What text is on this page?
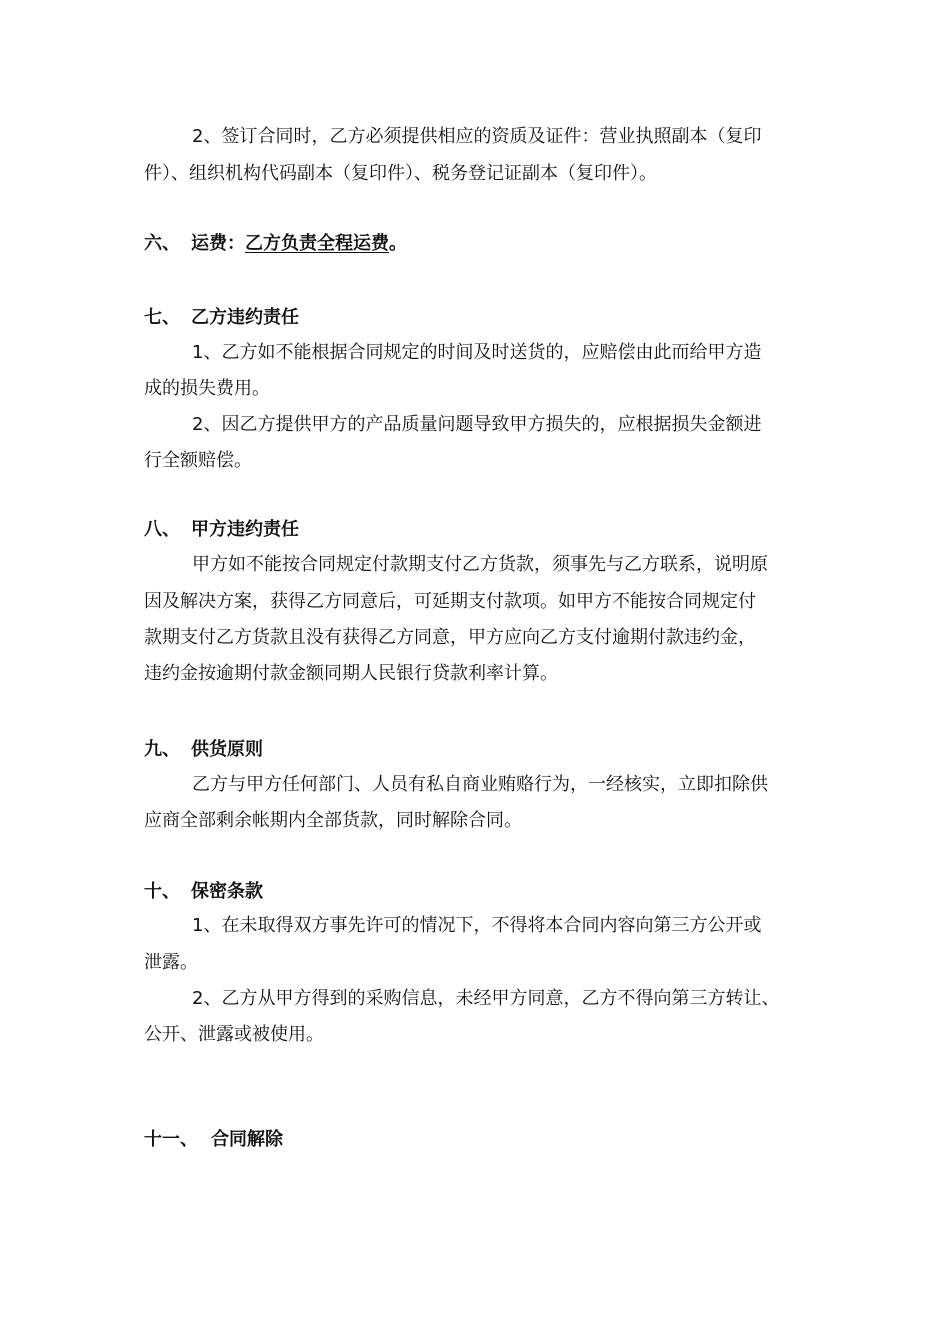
2、签订合同时，乙方必须提供相应的资质及证件：营业执照副本（复印
件）、组织机构代码副本（复印件）、税务登记证副本（复印件）。
六、 运费：乙方负责全程运费。
七、 乙方违约责任
1、乙方如不能根据合同规定的时间及时送货的，应赔偿由此而给甲方造
成的损失费用。
2、因乙方提供甲方的产品质量问题导致甲方损失的，应根据损失金额进
行全额赔偿。
八、 甲方违约责任
甲方如不能按合同规定付款期支付乙方货款，须事先与乙方联系，说明原
因及解决方案，获得乙方同意后，可延期支付款项。如甲方不能按合同规定付
款期支付乙方货款且没有获得乙方同意，甲方应向乙方支付逾期付款违约金，
违约金按逾期付款金额同期人民银行贷款利率计算。
九、 供货原则
乙方与甲方任何部门、人员有私自商业贿赂行为，一经核实，立即扣除供
应商全部剩余帐期内全部货款，同时解除合同。
十、 保密条款
1、在未取得双方事先许可的情况下，不得将本合同内容向第三方公开或
泄露。
2、乙方从甲方得到的采购信息，未经甲方同意，乙方不得向第三方转让、
公开、泄露或被使用。
十一、 合同解除
